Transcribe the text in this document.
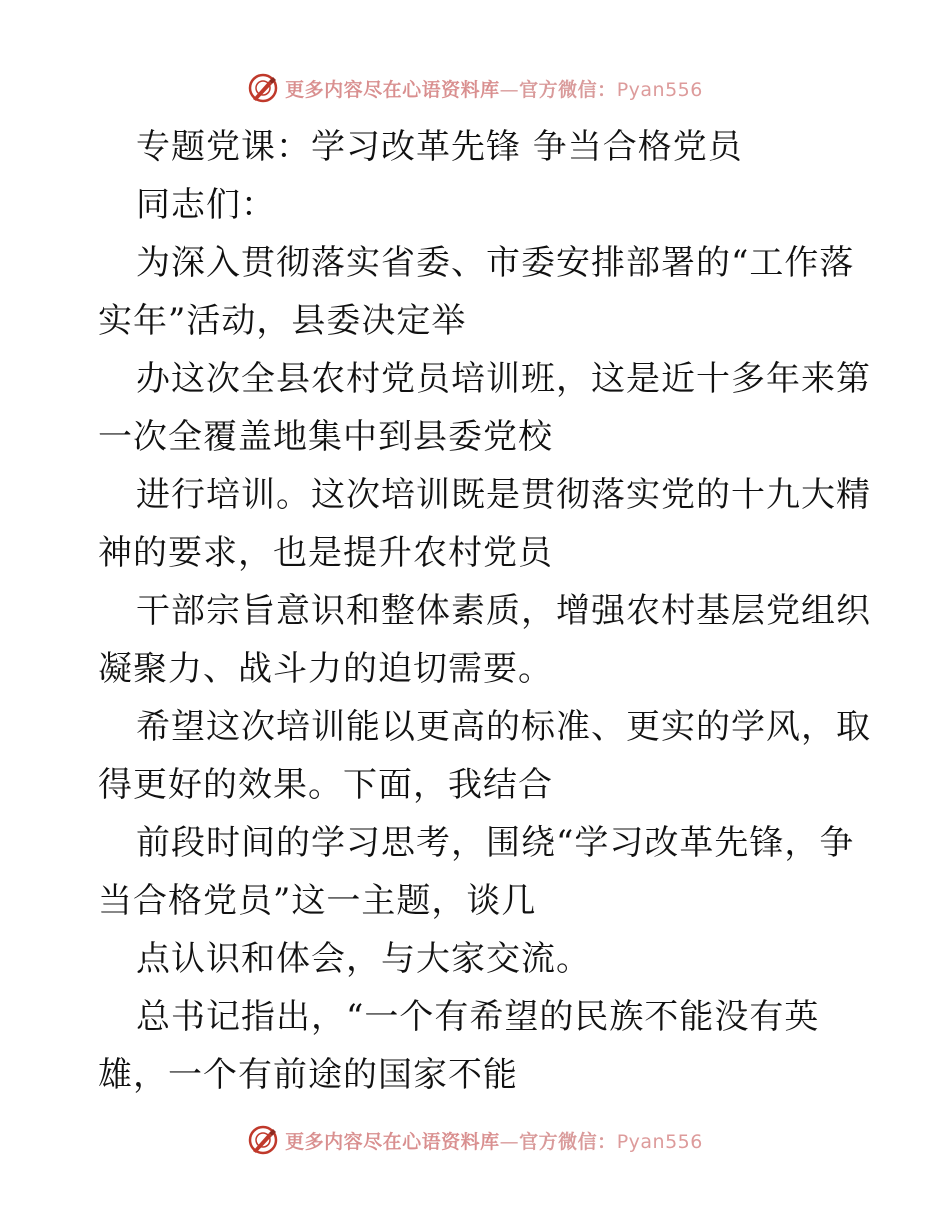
更多内容尽在心语资料库—官方微信：Pyan556
专题党课：学习改革先锋 争当合格党员
同志们：
为深入贯彻落实省委、市委安排部署的“工作落
实年”活动，县委决定举
办这次全县农村党员培训班，这是近十多年来第
一次全覆盖地集中到县委党校
进行培训。这次培训既是贯彻落实党的十九大精
神的要求，也是提升农村党员
干部宗旨意识和整体素质，增强农村基层党组织
凝聚力、战斗力的迫切需要。
希望这次培训能以更高的标准、更实的学风，取
得更好的效果。下面，我结合
前段时间的学习思考，围绕“学习改革先锋，争
当合格党员”这一主题，谈几
点认识和体会，与大家交流。
总书记指出，“一个有希望的民族不能没有英
雄，一个有前途的国家不能
更多内容尽在心语资料库—官方微信：Pyan556
